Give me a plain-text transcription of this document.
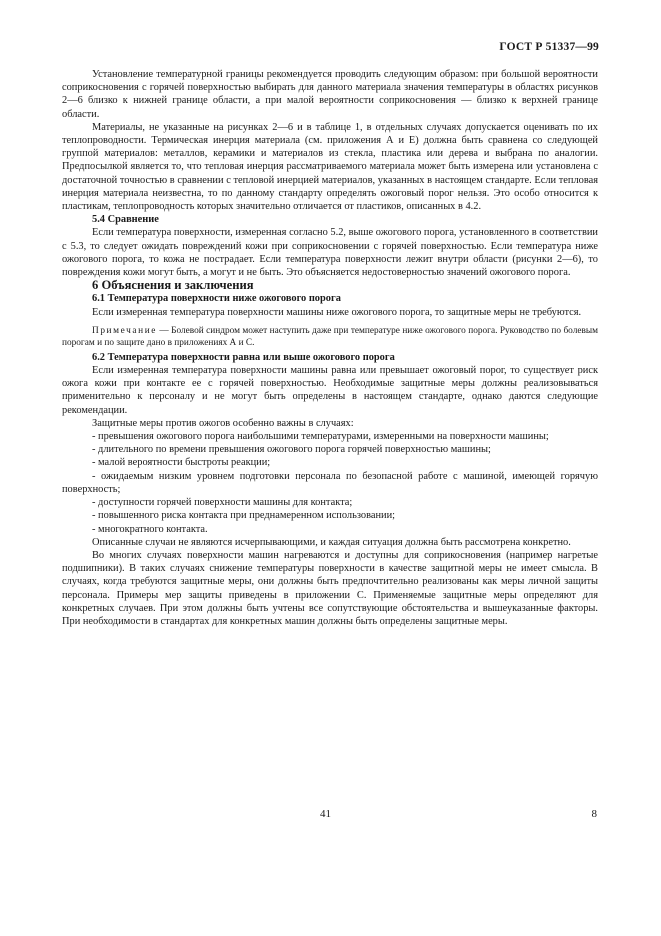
ГОСТ Р 51337—99

Установление температурной границы рекомендуется проводить следующим образом: при большой вероятности соприкосновения с горячей поверхностью выбирать для данного материала значения температуры в областях рисунков 2—6 близко к нижней границе области, а при малой вероятности соприкосновения — близко к верхней границе области.

Материалы, не указанные на рисунках 2—6 и в таблице 1, в отдельных случаях допускается оценивать по их теплопроводности. Термическая инерция материала (см. приложения А и Е) должна быть сравнена со следующей группой материалов: металлов, керамики и материалов из стекла, пластика или дерева и выбрана по аналогии. Предпосылкой является то, что тепловая инерция рассматриваемого материала может быть измерена или установлена с достаточной точностью в сравнении с тепловой инерцией материалов, указанных в настоящем стандарте. Если тепловая инерция материала неизвестна, то по данному стандарту определять ожоговый порог нельзя. Это особо относится к пластикам, теплопроводность которых значительно отличается от пластиков, описанных в 4.2.

5.4 Сравнение

Если температура поверхности, измеренная согласно 5.2, выше ожогового порога, установленного в соответствии с 5.3, то следует ожидать повреждений кожи при соприкосновении с горячей поверхностью. Если температура ниже ожогового порога, то кожа не пострадает. Если температура поверхности лежит внутри области (рисунки 2—6), то повреждения кожи могут быть, а могут и не быть. Это объясняется недостоверностью значений ожогового порога.

6 Объяснения и заключения

6.1 Температура поверхности ниже ожогового порога

Если измеренная температура поверхности машины ниже ожогового порога, то защитные меры не требуются.

Примечание — Болевой синдром может наступить даже при температуре ниже ожогового порога. Руководство по болевым порогам и по защите дано в приложениях А и С.

6.2 Температура поверхности равна или выше ожогового порога

Если измеренная температура поверхности машины равна или превышает ожоговый порог, то существует риск ожога кожи при контакте ее с горячей поверхностью. Необходимые защитные меры должны реализовываться применительно к персоналу и не могут быть определены в настоящем стандарте, однако даются следующие рекомендации.

Защитные меры против ожогов особенно важны в случаях:

- превышения ожогового порога наибольшими температурами, измеренными на поверхности машины;

- длительного по времени превышения ожогового порога горячей поверхностью машины;

- малой вероятности быстроты реакции;

- ожидаемым низким уровнем подготовки персонала по безопасной работе с машиной, имеющей горячую поверхность;

- доступности горячей поверхности машины для контакта;

- повышенного риска контакта при преднамеренном использовании;

- многократного контакта.

Описанные случаи не являются исчерпывающими, и каждая ситуация должна быть рассмотрена конкретно.

Во многих случаях поверхности машин нагреваются и доступны для соприкосновения (например нагретые подшипники). В таких случаях снижение температуры поверхности в качестве защитной меры не имеет смысла. В случаях, когда требуются защитные меры, они должны быть предпочтительно реализованы как меры личной защиты персонала. Примеры мер защиты приведены в приложении С. Применяемые защитные меры определяют для конкретных случаев. При этом должны быть учтены все сопутствующие обстоятельства и вышеуказанные факторы. При необходимости в стандартах для конкретных машин должны быть определены защитные меры.

41	8
